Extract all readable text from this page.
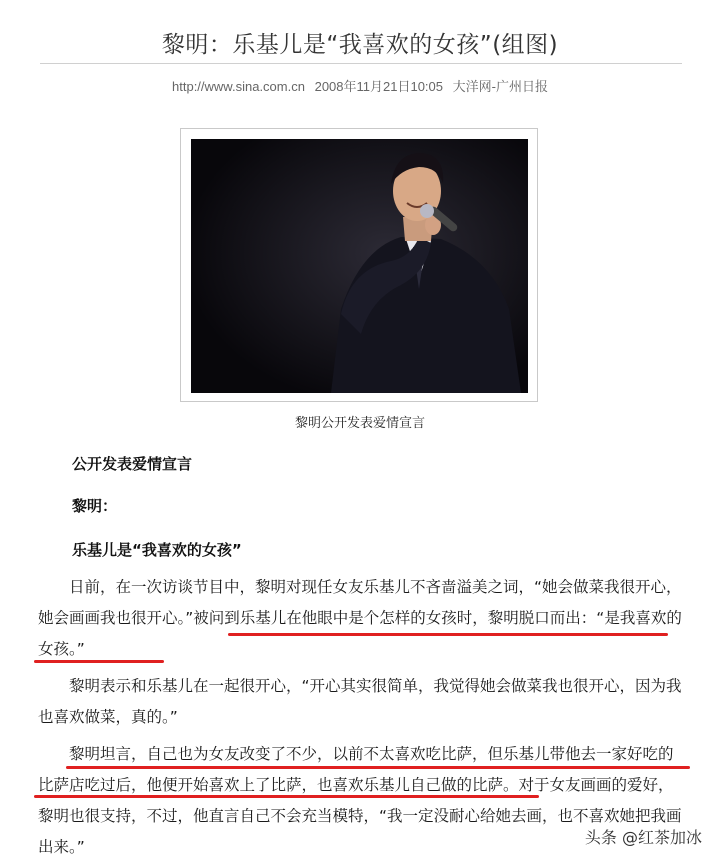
黎明：乐基儿是“我喜欢的女孩”(组图)
http://www.sina.com.cn 2008年11月21日10:05 大洋网-广州日报
黎明公开发表爱情宣言
公开发表爱情宣言
黎明：
乐基儿是“我喜欢的女孩”

日前，在一次访谈节目中，黎明对现任女友乐基儿不吝啬溢美之词，“她会做菜我很开心，她会画画我也很开心。”被问到乐基儿在他眼中是个怎样的女孩时，黎明脱口而出：“是我喜欢的女孩。”

黎明表示和乐基儿在一起很开心，“开心其实很简单，我觉得她会做菜我也很开心，因为我也喜欢做菜，真的。”

黎明坦言，自己也为女友改变了不少，以前不太喜欢吃比萨，但乐基儿带他去一家好吃的比萨店吃过后，他便开始喜欢上了比萨，也喜欢乐基儿自己做的比萨。对于女友画画的爱好，黎明也很支持，不过，他直言自己不会充当模特，“我一定没耐心给她去画，也不喜欢她把我画出来。”	头条 @红茶加冰
